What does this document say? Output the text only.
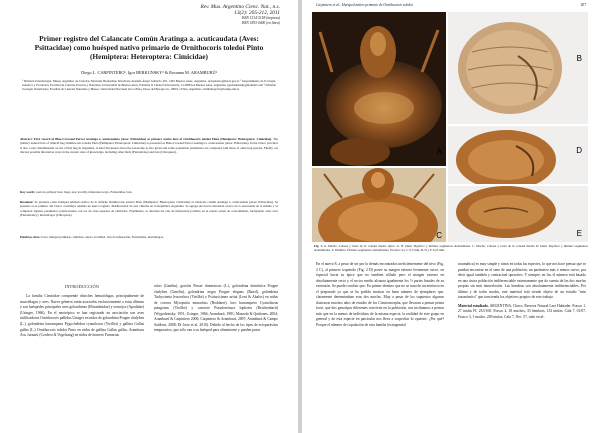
Rev. Mus. Argentino Cienc. Nat., n.s.
13(2): 205-212, 2011
ISSN 1514-5158 (impresa)
ISSN 1853-0400 (en línea)
Primer registro del Calancate Común Aratinga a. acuticaudata (Aves: Psittacidae) como huésped nativo primario de Ornithocoris toledoi Pinto (Hemiptera: Heteroptera: Cimicidae)
Diego L. CARPINTERO¹, Igor BERKUNSKY² & Rosanna M. ARAMBURÚ³
¹ División Entomología, Museo Argentino de Ciencias Naturales Bernardino Rivadavia Avenida Ángel Gallardo 470, 1405 Buenos Aires, Argentina. dcarpintero@macn.gov.ar ² Departamento de Ecología, Genética y Evolución, Facultad de Ciencias Exactas y Naturales, Universidad de Buenos Aires, Pabellón II Ciudad Universitaria, C1428EGA Buenos Aires, Argentina. igorberkunsky@hotmail.com ³ División Zoología Vertebrados, Facultad de Ciencias Naturales y Museo, Universidad Nacional de La Plata, Paseo del Bosque s/n, 1900 La Plata, Argentina. aramburu@fcnym.unlp.edu.ar
Abstract: First record of Blue-Crowned Parrot Aratinga a. acuticaudata (Aves: Psittacidae) as primary native host of Ornithocoris toledoi Pinto (Hemiptera: Heteroptera: Cimicidae). The primary natural host of cimicid bug Ornithocoris toledoi Pinto (Hemiptera: Heteroptera: Cimicidae) is presented as Blue-Crowned Parrot Aratinga a. acuticaudata (Aves: Psittacidae). In the Chaco province is also a new distributional record of this bug in Argentina. A brief discussion about the taxonomy is also given and some population parameters are compared with those of other bug species. Finally, we discuss possible infestation ways in the current state of knowledge, including other birds (Furnariidae) and bats (Chiroptera).
Key words: parrots, primary host, bugs, new locality, infestation ways, Furnariidae, bats.
Resumen: Se presenta como huésped primario nativo de la chinche Ornithocoris toledoi Pinto (Hemiptera: Heteroptera: Cimicidae) al calancate común Aratinga a. acuticaudata (Aves: Psittacidae). Se presenta si es primero del Chaco constituye además un nuevo registro distribucional de esta chinche en la República Argentina. Se agrega una breve discusión acerca de la taxonomía de la misma y se comparan algunos parámetros poblacionales con los de otras especies de cimícidos. Finalmente, se discuten las vías de infestación posibles en el estado actual de conocimiento, incluyendo otras aves (Furnariidae) y murciélagos (Chiroptera).
Palabras clave: loros, huésped primario, chinches, nuevo localidad, vías de infestación, Furnariidae, murciélagos.
INTRODUCCIÓN

La familia Cimicidae comprende chinches hematófagas, principalmente de murciélagos y aves. Nueve géneros están asociados exclusivamente a estas últimas y son huéspedes principales aves golondrinas (Hirundinidae) y vencejos (Apodidae) (Usinger, 1966). En el neotrópico se han registrado en asociación con aves nidificadoras Ornithocoris pallidus Usinger en nidos de golondrina Progne chalybea (L.), golondrina barranquera Pygochelidon cyanoleuca (Vieillot) y gallina Gallus gallus (L.) Ornithocoris toledoi Pinto en nidos de gallina Gallus gallus, Aramburu Ara. furnarii (Cordero & Vogelsang) en nidos de hornero Furnarius

rufus (Gmelin), gorrión Passer domesticus (L.), golondrina doméstica Progne chalybea (Gmelin), golondrina negra Progne elegans (Baird), golondrina Tachycineta leucorrhoa (Vieillot) y Psittacicimex uritui (Lent & Abalos) en nidos de cotorra Myiopsitta monachus (Boddaert), loro barranquero Cyanoliseus patagonus (Vieillot) y caserote Pseudoseisura lophotes (Reichenbach) (Wygodzinsky, 1951; Usinger, 1966; Aramburú, 1981; Mazzola & Quiñones, 2004; Aramburú & Carpintero 2006; Carpintero & Aramburú, 2007; Aramburú & Campo Saldivar, 2008; Di Iorio et al. 2010). Debido al hecho de los tipos de ectoparásitos temporarios, que sólo van a su huésped para alimentarse y pueden pasar

Carpintero et al.: Huésped nativo primario de Ornithocoris toledoi	207
A
B
C
D
E
Fig. 1. A. Macho. Cabeza y tórax de O. toledoi macho típico ac. B. Idem. Pigóforo y últimos segmentos abdominales. C. Macho. Cabeza y tórax de O. toledoi macho D. Idem. Pigóforo y últimos segmentos abdominales. E. Hembra. Últimos segmentos abdominales. Escalas: A y C 0,5 mm, B, D y E 0,25 mm.

En el nuevo 8, a pesar de ser por lo demás encontrados ineficientemente del nivo (Fig. 2 C), al primero izquierdo (Fig. 2 D) posee su margen externo levemente curvo, en especial hacia su ápice que no tambien afilado pero el margen externo en absolutamente recto y el sector medio alcanza igualmente los ½ partes basales de su extensión. Se puede concluir que: En primer término que no se trata de un artefacto en el preparado ya que se ha podido mostrar en buen número de ejemplares que, claramente determinaban esas dos morfas. Muy a pesar de los supuestos algunos ilustraron muchos años de estudio de los Cimicomorpha, que llevaran a pensar prima facie, que dos genotipos diferentes conviven en la población, nos inclinamos a pensar más que en la menos de individuos de la misma especie, la realidad de este grupo en general y de esta especie en particular nos lleva a sospechar lo opuesto: ¿Por qué? Porque el número de copulación de esta familia (extragenital

traumática) es muy simple y ninos en todas las especies, lo que nos hace pensar que se puedan encontrar en el seno de una población, un parámetro más ó menos curvo, por decir igual también y contractual operativo. Y siempre, en fin, el número está basado en una única población indiferenciable externamente que da cuenta de las dos morfas propias sin más interrelación. Las hembras son absolutamente indiferenciables. Por último y de todos modos, este material está siendo objeto de un estudio "más taxonómico" que trascienda los objetivos propios de este trabajo.

Material estudiado. ARGENTINA, Chaco, Reserva Natural Lere Habiader. Frasco 1, 27 ninfas FI, 23/I/100, Frasco 2, 18 machos, 33 hembras, 133 ninfas, Cala 7, 01/07, Frasco 3, 1 macho, 209 ninfas, Cala 7, Nro. 57, todo en al-
